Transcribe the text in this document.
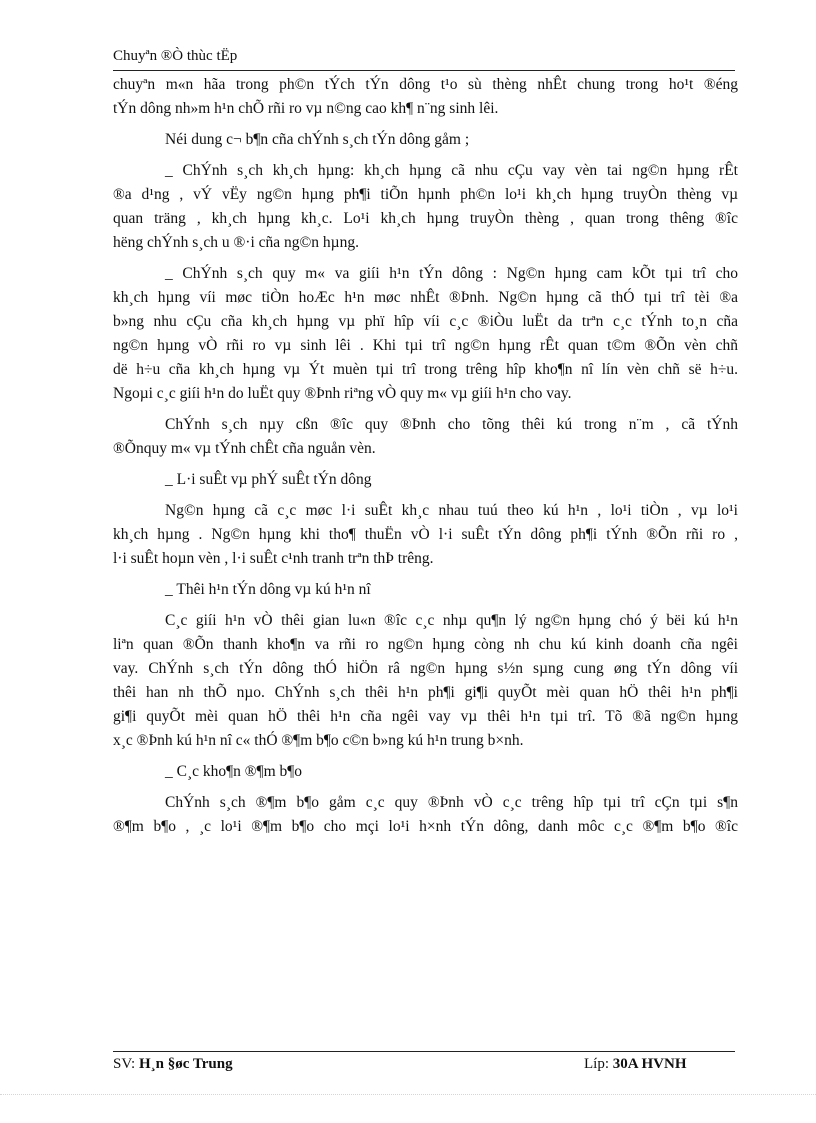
Chuyªn ®Ò thùc tËp
chuyªn m«n hãa trong ph©n tÝch tÝn dông t¹o sù thèng nhÊt chung trong ho¹t ®éng
tÝn dông nh»m h¹n chÕ rñi ro vµ n©ng cao kh¶ n¨ng sinh lêi.
Néi dung c¬ b¶n cña chÝnh s¸ch tÝn dông gåm ;
_ ChÝnh s¸ch kh¸ch hµng: kh¸ch hµng cã nhu cÇu vay vèn tai ng©n hµng rÊt
®a d¹ng , vÝ vËy ng©n hµng ph¶i tiÕn hµnh ph©n lo¹i kh¸ch hµng truyÒn thèng vµ
quan träng , kh¸ch hµng kh¸c. Lo¹i kh¸ch hµng truyÒn thèng , quan trong thêng ®îc
hëng chÝnh s¸ch u ®·i cña ng©n hµng.
_ ChÝnh s¸ch quy m« va giíi h¹n tÝn dông : Ng©n hµng cam kÕt tµi trî cho
kh¸ch hµng víi møc tiÒn hoÆc h¹n møc nhÊt ®Þnh. Ng©n hµng cã thÓ tµi trî tèi ®a
b»ng nhu cÇu cña kh¸ch hµng vµ phï hîp víi c¸c ®iÒu luËt da trªn c¸c tÝnh to¸n cña
ng©n hµng vÒ rñi ro vµ sinh lêi . Khi tµi trî ng©n hµng rÊt quan t©m ®Õn vèn chñ
dë h÷u cña kh¸ch hµng vµ Ýt muèn tµi trî trong trêng hîp kho¶n nî lín vèn chñ së h÷u.
Ngoµi c¸c giíi h¹n do luËt quy ®Þnh riªng vÒ quy m« vµ giíi h¹n cho vay.
ChÝnh s¸ch nµy cßn ®îc quy ®Þnh cho tõng thêi kú trong n¨m , cã tÝnh
®Õnquy m« vµ tÝnh chÊt cña nguån vèn.
_ L·i suÊt vµ phÝ suÊt tÝn dông
Ng©n hµng cã c¸c møc l·i suÊt kh¸c nhau tuú theo kú h¹n , lo¹i tiÒn , vµ lo¹i
kh¸ch hµng . Ng©n hµng khi tho¶ thuËn vÒ l·i suÊt tÝn dông ph¶i tÝnh ®Õn rñi ro ,
l·i suÊt hoµn vèn , l·i suÊt c¹nh tranh trªn thÞ trêng.
_ Thêi h¹n tÝn dông vµ kú h¹n nî
C¸c giíi h¹n vÒ thêi gian lu«n ®îc c¸c nhµ qu¶n lý ng©n hµng chó ý bëi kú h¹n
liªn quan ®Õn thanh kho¶n va rñi ro ng©n hµng còng nh chu kú kinh doanh cña ngêi
vay. ChÝnh s¸ch tÝn dông thÓ hiÖn râ ng©n hµng s½n sµng cung øng tÝn dông víi
thêi han nh thÕ nµo. ChÝnh s¸ch thêi h¹n ph¶i gi¶i quyÕt mèi quan hÖ thêi h¹n ph¶i
gi¶i quyÕt mèi quan hÖ thêi h¹n cña ngêi vay vµ thêi h¹n tµi trî. Tõ ®ã ng©n hµng
x¸c ®Þnh kú h¹n nî c« thÓ ®¶m b¶o c©n b»ng kú h¹n trung b×nh.
_ C¸c kho¶n ®¶m b¶o
ChÝnh s¸ch ®¶m b¶o gåm c¸c quy ®Þnh vÒ c¸c trêng hîp tµi trî cÇn tµi s¶n
®¶m b¶o , ¸c lo¹i ®¶m b¶o cho mçi lo¹i h×nh tÝn dông, danh môc c¸c ®¶m b¶o ®îc
SV: H¸n §øc Trung	Líp: 30A HVNH
